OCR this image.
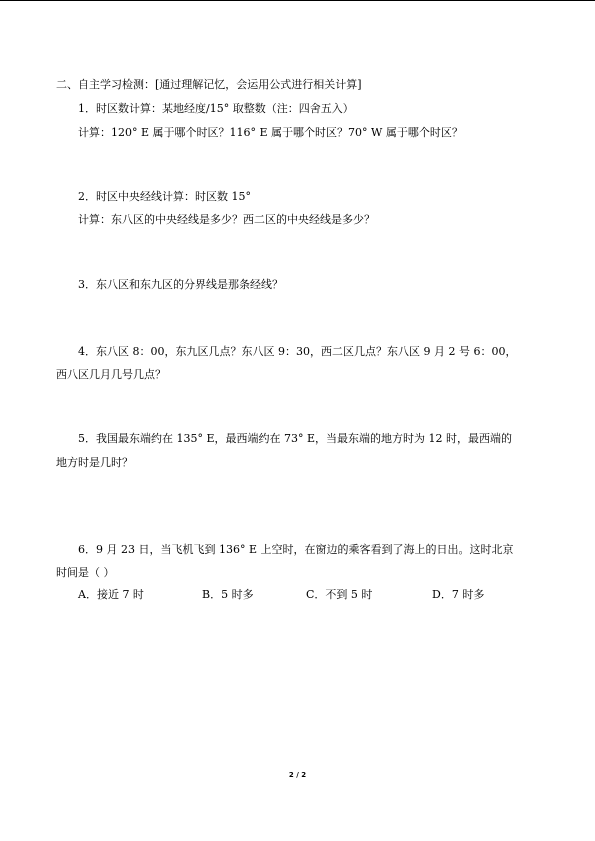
二、自主学习检测：[通过理解记忆，会运用公式进行相关计算]
1．时区数计算：某地经度/15° 取整数（注：四舍五入）
计算：120° E 属于哪个时区？116° E 属于哪个时区？70° W 属于哪个时区？
2．时区中央经线计算：时区数 15°
计算：东八区的中央经线是多少？西二区的中央经线是多少？
3．东八区和东九区的分界线是那条经线？
4．东八区 8：00，东九区几点？东八区 9：30，西二区几点？东八区 9 月 2 号 6：00，
西八区几月几号几点？
5．我国最东端约在 135° E，最西端约在 73° E，当最东端的地方时为 12 时，最西端的
地方时是几时？
6．9 月 23 日，当飞机飞到 136° E 上空时，在窗边的乘客看到了海上的日出。这时北京
时间是（ ）
A．接近 7 时	B．5 时多	C．不到 5 时	D．7 时多
2 / 2
